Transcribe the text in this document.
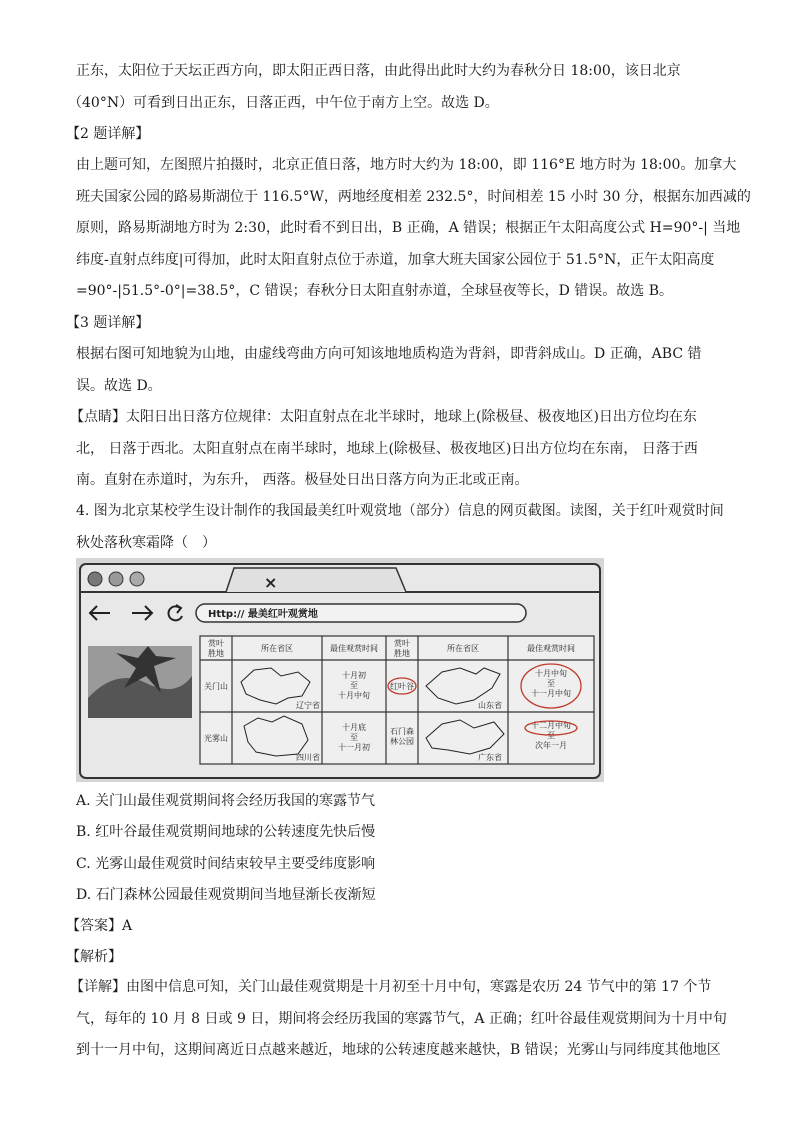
正东，太阳位于天坛正西方向，即太阳正西日落，由此得出此时大约为春秋分日 18:00，该日北京
（40°N）可看到日出正东，日落正西，中午位于南方上空。故选 D。
【2 题详解】
由上题可知，左图照片拍摄时，北京正值日落，地方时大约为 18:00，即 116°E 地方时为 18:00。加拿大
班夫国家公园的路易斯湖位于 116.5°W，两地经度相差 232.5°，时间相差 15 小时 30 分，根据东加西减的
原则，路易斯湖地方时为 2:30，此时看不到日出，B 正确，A 错误；根据正午太阳高度公式 H=90°-| 当地
纬度-直射点纬度|可得加，此时太阳直射点位于赤道，加拿大班夫国家公园位于 51.5°N，正午太阳高度
=90°-|51.5°-0°|=38.5°，C 错误；春秋分日太阳直射赤道，全球昼夜等长，D 错误。故选 B。
【3 题详解】
根据右图可知地貌为山地，由虚线弯曲方向可知该地地质构造为背斜，即背斜成山。D 正确，ABC 错
误。故选 D。
【点睛】太阳日出日落方位规律：太阳直射点在北半球时，地球上(除极昼、极夜地区)日出方位均在东
北， 日落于西北。太阳直射点在南半球时，地球上(除极昼、极夜地区)日出方位均在东南， 日落于西
南。直射在赤道时，为东升， 西落。极昼处日出日落方向为正北或正南。
4. 图为北京某校学生设计制作的我国最美红叶观赏地（部分）信息的网页截图。读图，关于红叶观赏时间
秋处落秋寒霜降（　）
×
Http:// 最美红叶观赏地
赏叶
胜地
所在省区	最佳观赏时间
赏叶
胜地
所在省区	最佳观赏时间
关门山
辽宁省
十月初
至
十月中旬
红叶谷
山东省
十月中旬
至
十一月中旬
光雾山
四川省
十月底
至
十一月初
石门森
林公园
广东省
十二月中旬
至
次年一月
A. 关门山最佳观赏期间将会经历我国的寒露节气
B. 红叶谷最佳观赏期间地球的公转速度先快后慢
C. 光雾山最佳观赏时间结束较早主要受纬度影响
D. 石门森林公园最佳观赏期间当地昼渐长夜渐短
【答案】A
【解析】
【详解】由图中信息可知，关门山最佳观赏期是十月初至十月中旬，寒露是农历 24 节气中的第 17 个节
气，每年的 10 月 8 日或 9 日，期间将会经历我国的寒露节气，A 正确；红叶谷最佳观赏期间为十月中旬
到十一月中旬，这期间离近日点越来越近，地球的公转速度越来越快，B 错误；光雾山与同纬度其他地区
